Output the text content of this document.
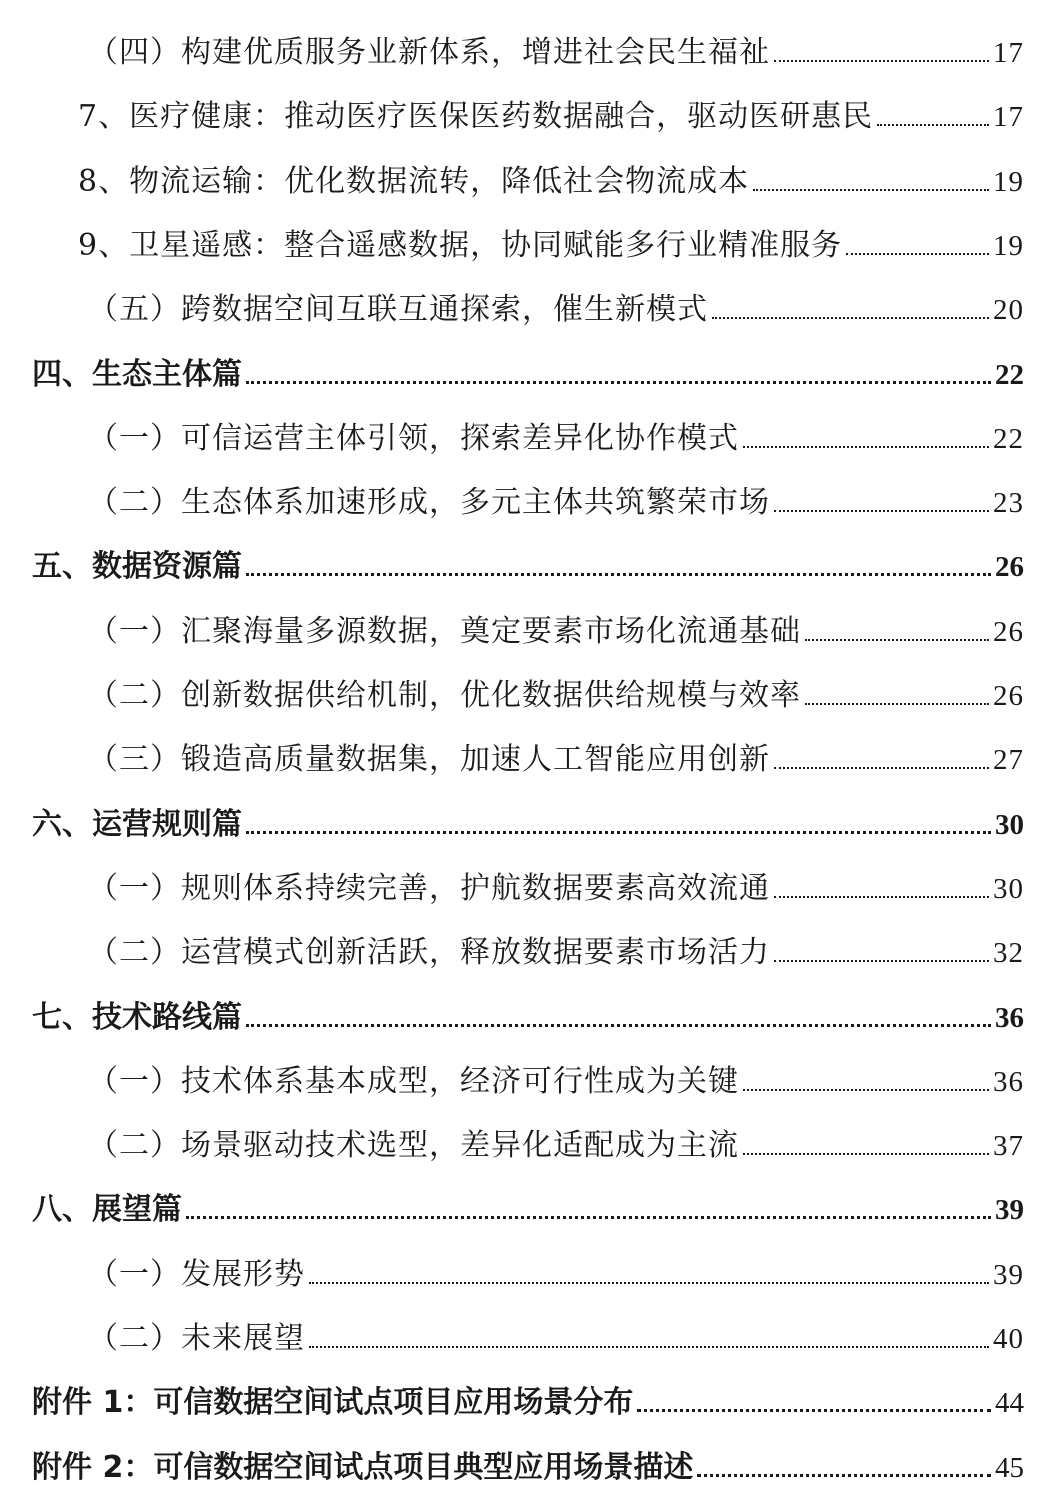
（四）构建优质服务业新体系，增进社会民生福祉	17
7、医疗健康：推动医疗医保医药数据融合，驱动医研惠民	17
8、物流运输：优化数据流转，降低社会物流成本	19
9、卫星遥感：整合遥感数据，协同赋能多行业精准服务	19
（五）跨数据空间互联互通探索，催生新模式	20
四、生态主体篇	22
（一）可信运营主体引领，探索差异化协作模式	22
（二）生态体系加速形成，多元主体共筑繁荣市场	23
五、数据资源篇	26
（一）汇聚海量多源数据，奠定要素市场化流通基础	26
（二）创新数据供给机制，优化数据供给规模与效率	26
（三）锻造高质量数据集，加速人工智能应用创新	27
六、运营规则篇	30
（一）规则体系持续完善，护航数据要素高效流通	30
（二）运营模式创新活跃，释放数据要素市场活力	32
七、技术路线篇	36
（一）技术体系基本成型，经济可行性成为关键	36
（二）场景驱动技术选型，差异化适配成为主流	37
八、展望篇	39
（一）发展形势	39
（二）未来展望	40
附件 1：可信数据空间试点项目应用场景分布	44
附件 2：可信数据空间试点项目典型应用场景描述	45
